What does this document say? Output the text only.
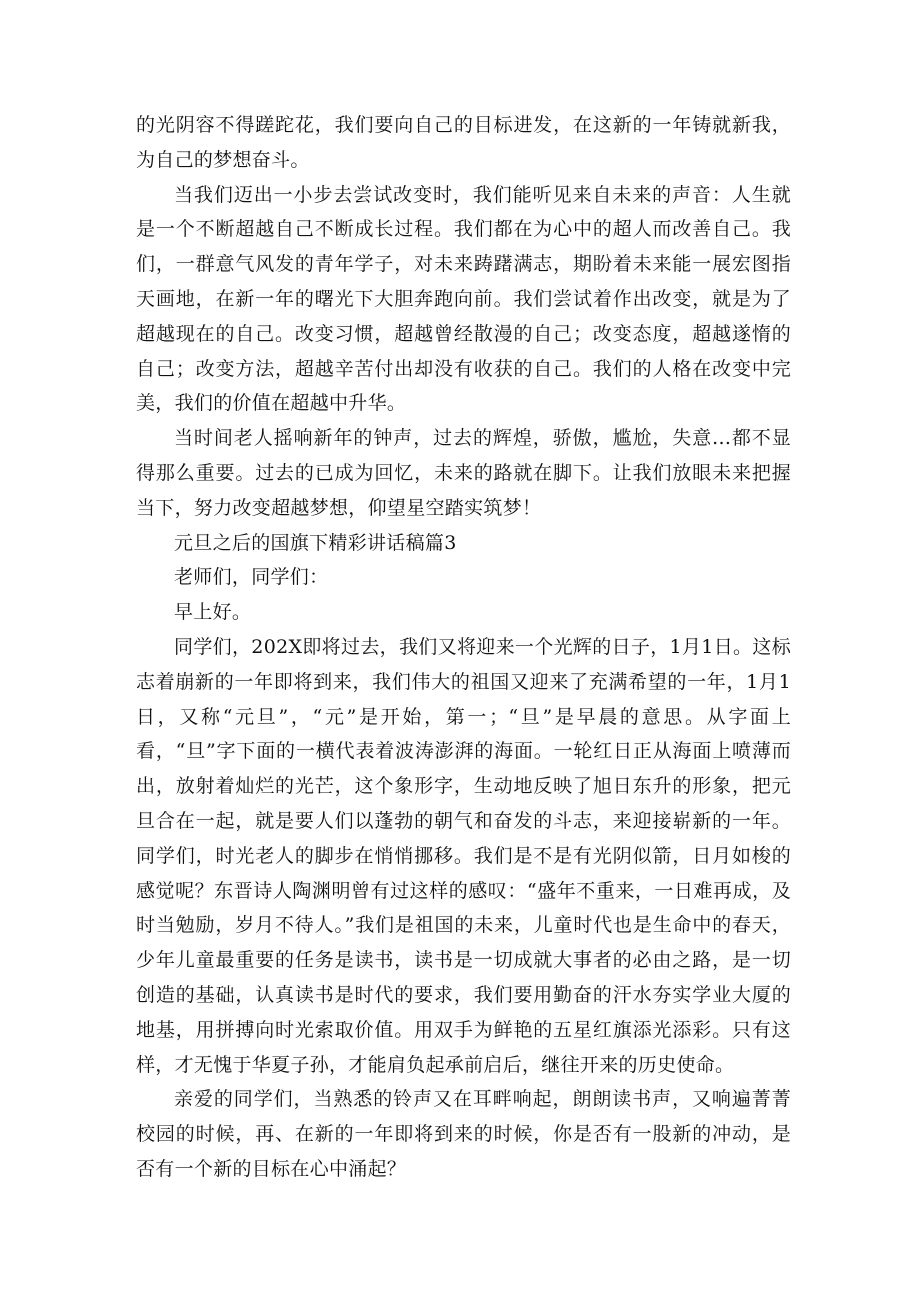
的光阴容不得蹉跎花，我们要向自己的目标进发，在这新的一年铸就新我，为自己的梦想奋斗。

当我们迈出一小步去尝试改变时，我们能听见来自未来的声音：人生就是一个不断超越自己不断成长过程。我们都在为心中的超人而改善自己。我们，一群意气风发的青年学子，对未来踌躇满志，期盼着未来能一展宏图指天画地，在新一年的曙光下大胆奔跑向前。我们尝试着作出改变，就是为了超越现在的自己。改变习惯，超越曾经散漫的自己；改变态度，超越遂惰的自己；改变方法，超越辛苦付出却没有收获的自己。我们的人格在改变中完美，我们的价值在超越中升华。

当时间老人摇响新年的钟声，过去的辉煌，骄傲，尴尬，失意...都不显得那么重要。过去的已成为回忆，未来的路就在脚下。让我们放眼未来把握当下，努力改变超越梦想，仰望星空踏实筑梦！

元旦之后的国旗下精彩讲话稿篇3

老师们，同学们：

早上好。

同学们，202X即将过去，我们又将迎来一个光辉的日子，1月1日。这标志着崩新的一年即将到来，我们伟大的祖国又迎来了充满希望的一年，1月1日，又称“元旦”，“元”是开始，第一；“旦”是早晨的意思。从字面上看，“旦”字下面的一横代表着波涛澎湃的海面。一轮红日正从海面上喷薄而出，放射着灿烂的光芒，这个象形字，生动地反映了旭日东升的形象，把元旦合在一起，就是要人们以蓬勃的朝气和奋发的斗志，来迎接崭新的一年。同学们，时光老人的脚步在悄悄挪移。我们是不是有光阴似箭，日月如梭的感觉呢？东晋诗人陶渊明曾有过这样的感叹：“盛年不重来，一日难再成，及时当勉励，岁月不待人。”我们是祖国的未来，儿童时代也是生命中的春天，少年儿童最重要的任务是读书，读书是一切成就大事者的必由之路，是一切创造的基础，认真读书是时代的要求，我们要用勤奋的汗水夯实学业大厦的地基，用拼搏向时光索取价值。用双手为鲜艳的五星红旗添光添彩。只有这样，才无愧于华夏子孙，才能肩负起承前启后，继往开来的历史使命。

亲爱的同学们，当熟悉的铃声又在耳畔响起，朗朗读书声，又响遍菁菁校园的时候，再、在新的一年即将到来的时候，你是否有一股新的冲动，是否有一个新的目标在心中涌起？
